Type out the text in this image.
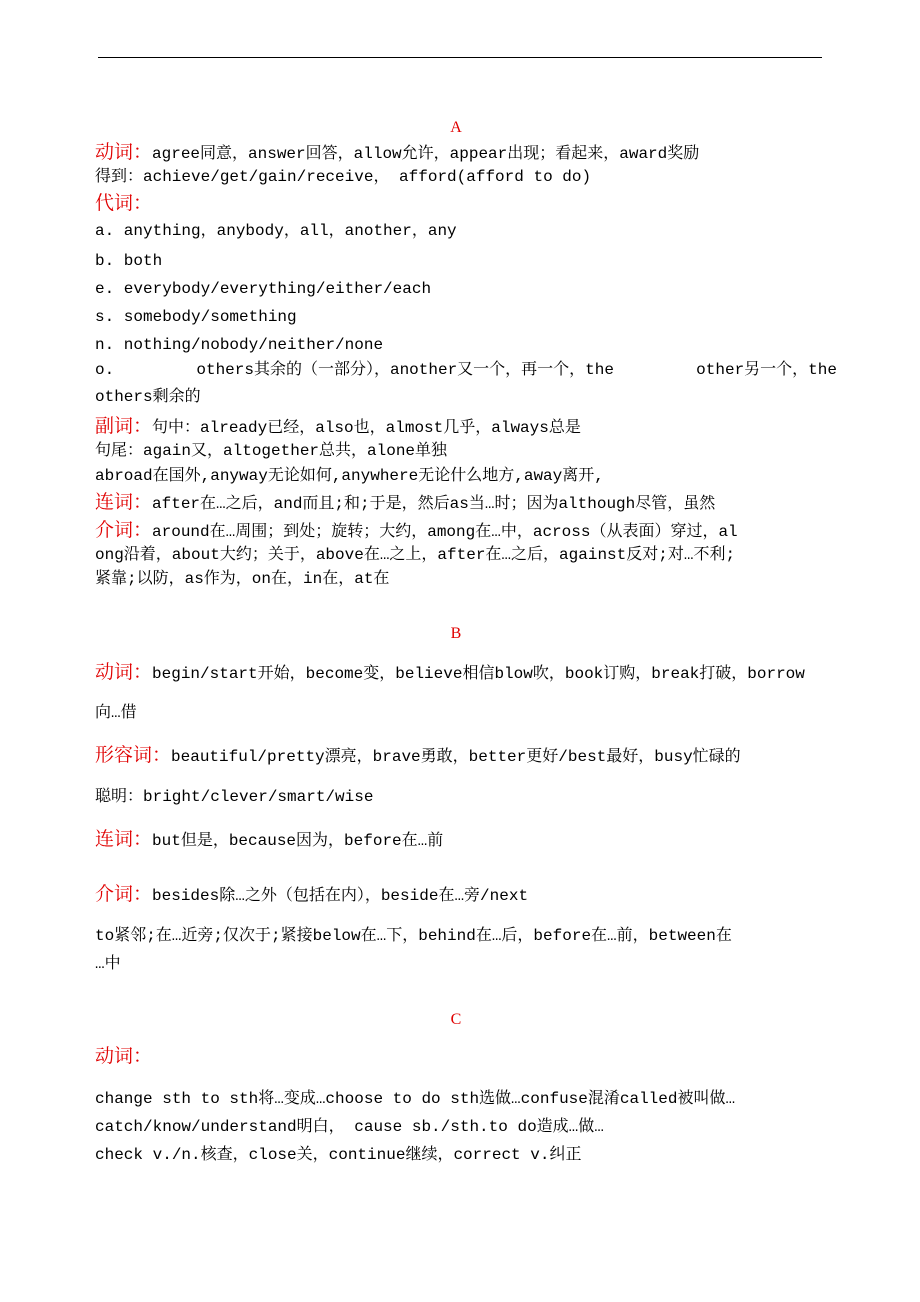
A
动词：agree同意，answer回答，allow允许，appear出现；看起来，award奖励
得到：achieve/get/gain/receive， afford(afford to do)
代词：
a. anything，anybody，all，another，any
b. both
e. everybody/everything/either/each
s. somebody/something
n. nothing/nobody/neither/none
o.	others其余的（一部分），another又一个，再一个，the	other另一个，the
others剩余的
副词：句中：already已经，also也，almost几乎，always总是
句尾：again又，altogether总共，alone单独
abroad在国外,anyway无论如何,anywhere无论什么地方,away离开,
连词：after在…之后，and而且;和;于是，然后as当…时；因为although尽管，虽然
介词：around在…周围；到处；旋转；大约，among在…中，across（从表面）穿过，al
ong沿着，about大约；关于，above在…之上，after在…之后，against反对;对…不利;
紧靠;以防，as作为，on在，in在，at在
B
动词：begin/start开始，become变，believe相信blow吹，book订购，break打破，borrow
向…借
形容词：beautiful/pretty漂亮，brave勇敢，better更好/best最好，busy忙碌的
聪明：bright/clever/smart/wise
连词：but但是，because因为，before在…前
介词：besides除…之外（包括在内），beside在…旁/next
to紧邻;在…近旁;仅次于;紧接below在…下，behind在…后，before在…前，between在
…中
C
动词：
change sth to sth将…变成…choose to do sth选做…confuse混淆called被叫做…
catch/know/understand明白， cause sb./sth.to do造成…做…
check v./n.核查，close关，continue继续，correct v.纠正
